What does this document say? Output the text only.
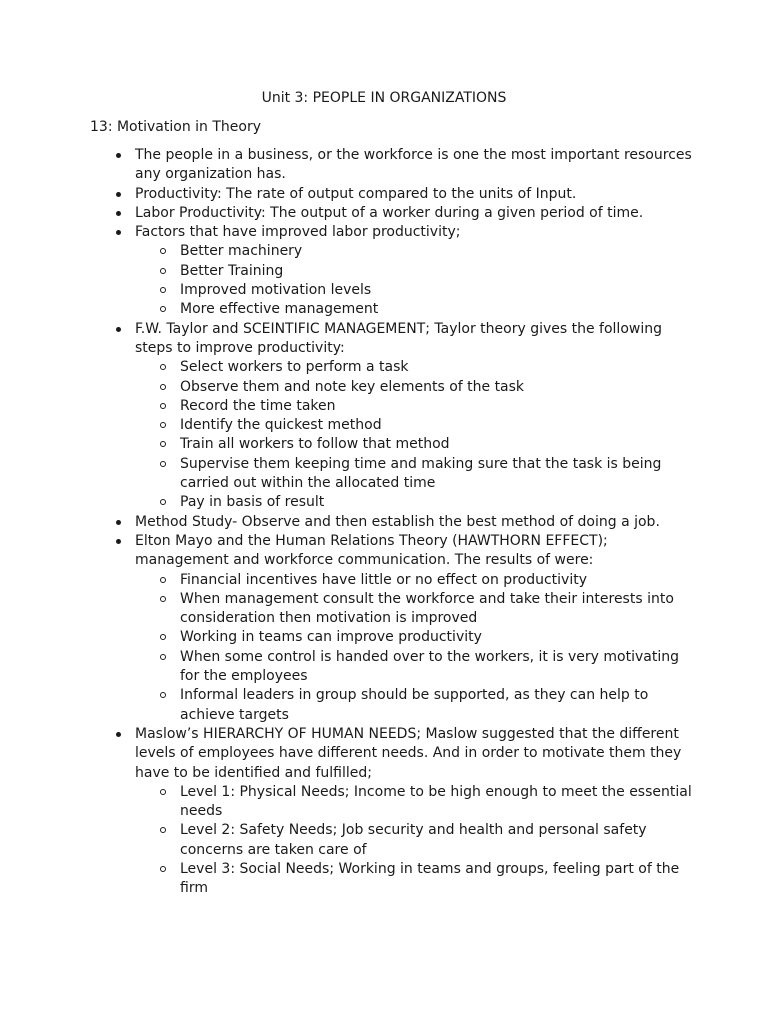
Unit 3: PEOPLE IN ORGANIZATIONS
13: Motivation in Theory
The people in a business, or the workforce is one the most important resources any organization has.
Productivity: The rate of output compared to the units of Input.
Labor Productivity: The output of a worker during a given period of time.
Factors that have improved labor productivity;
Better machinery
Better Training
Improved motivation levels
More effective management
F.W. Taylor and SCEINTIFIC MANAGEMENT; Taylor theory gives the following steps to improve productivity:
Select workers to perform a task
Observe them and note key elements of the task
Record the time taken
Identify the quickest method
Train all workers to follow that method
Supervise them keeping time and making sure that the task is being carried out within the allocated time
Pay in basis of result
Method Study- Observe and then establish the best method of doing a job.
Elton Mayo and the Human Relations Theory (HAWTHORN EFFECT); management and workforce communication. The results of were:
Financial incentives have little or no effect on productivity
When management consult the workforce and take their interests into consideration then motivation is improved
Working in teams can improve productivity
When some control is handed over to the workers, it is very motivating for the employees
Informal leaders in group should be supported, as they can help to achieve targets
Maslow’s HIERARCHY OF HUMAN NEEDS; Maslow suggested that the different levels of employees have different needs. And in order to motivate them they have to be identified and fulfilled;
Level 1: Physical Needs; Income to be high enough to meet the essential needs
Level 2: Safety Needs; Job security and health and personal safety concerns are taken care of
Level 3: Social Needs; Working in teams and groups, feeling part of the firm
